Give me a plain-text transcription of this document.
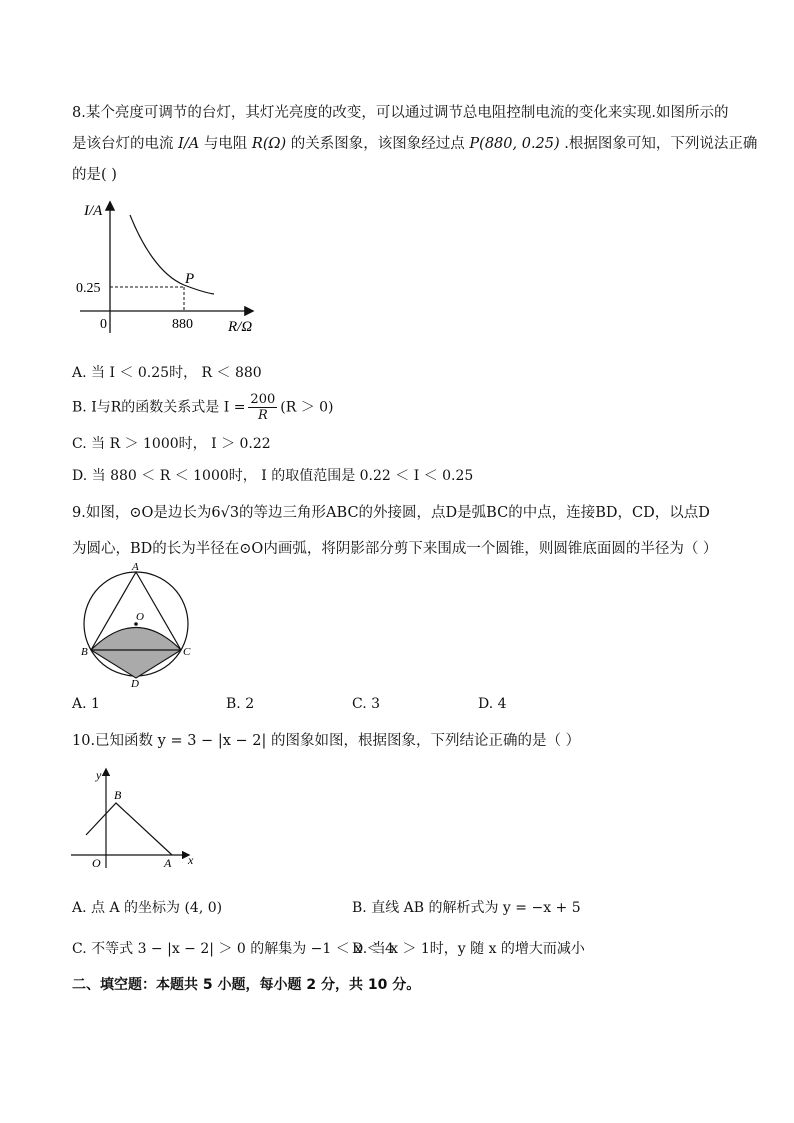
8.某个亮度可调节的台灯，其灯光亮度的改变，可以通过调节总电阻控制电流的变化来实现.如图所示的
是该台灯的电流 I/A 与电阻 R(Ω) 的关系图象，该图象经过点 P(880, 0.25) .根据图象可知，下列说法正确
的是( )
I/A
R/Ω
0
0.25
880
P
A. 当 I ＜ 0.25时， R ＜ 880
B. I与R的函数关系式是 $I = \frac{200}{R} (R > 0)$
C. 当 R ＞ 1000时， I ＞ 0.22
D. 当 880 ＜ R ＜ 1000时， I 的取值范围是 0.22 ＜ I ＜ 0.25
9.如图，⊙O是边长为6√3的等边三角形ABC的外接圆，点D是弧BC的中点，连接BD，CD，以点D
为圆心，BD的长为半径在⊙O内画弧，将阴影部分剪下来围成一个圆锥，则圆锥底面圆的半径为（ ）
A
O
B	C
D
A. 1	B. 2	C. 3	D. 4
10.已知函数 y = 3 − |x − 2| 的图象如图，根据图象，下列结论正确的是（ ）
y
x
O	A
B
A. 点 A 的坐标为 (4, 0)	B. 直线 AB 的解析式为 y = −x + 5
C. 不等式 3 − |x − 2| ＞ 0 的解集为 −1 ＜ x ＜ 4
D. 当 x ＞ 1时，y 随 x 的增大而减小
二、填空题：本题共 5 小题，每小题 2 分，共 10 分。
